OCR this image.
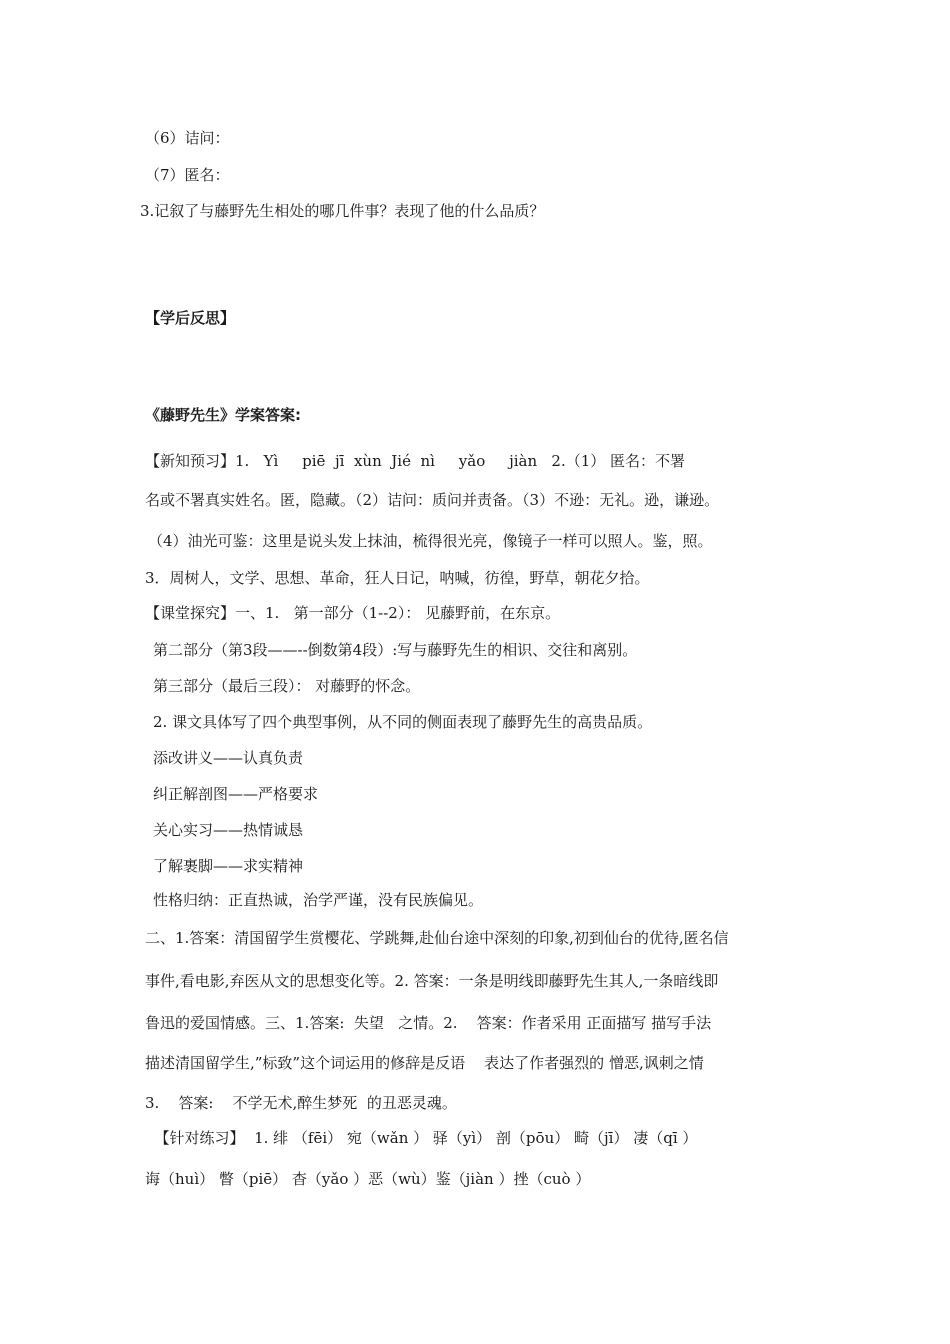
（6）诘问：
（7）匿名：
3.记叙了与藤野先生相处的哪几件事？表现了他的什么品质？
【学后反思】
《藤野先生》学案答案:
【新知预习】1.   Yì     piē  jī  xùn  Jié  nì     yǎo     jiàn   2.（1） 匿名：不署
名或不署真实姓名。匿，隐藏。（2）诘问：质问并责备。（3）不逊：无礼。逊，谦逊。
（4）油光可鉴：这里是说头发上抹油，梳得很光亮，像镜子一样可以照人。鉴，照。
3．周树人，文学、思想、革命，狂人日记，呐喊，彷徨，野草，朝花夕拾。
【课堂探究】一、1.   第一部分（1--2）： 见藤野前，在东京。
第二部分（第3段——--倒数第4段）:写与藤野先生的相识、交往和离别。
第三部分（最后三段）： 对藤野的怀念。
2. 课文具体写了四个典型事例，从不同的侧面表现了藤野先生的高贵品质。
添改讲义——认真负责
纠正解剖图——严格要求
关心实习——热情诚恳
了解裹脚——求实精神
性格归纳：正直热诚，治学严谨，没有民族偏见。
二、1.答案：清国留学生赏樱花、学跳舞,赴仙台途中深刻的印象,初到仙台的优待,匿名信
事件,看电影,弃医从文的思想变化等。2. 答案：一条是明线即藤野先生其人,一条暗线即
鲁迅的爱国情感。三、1.答案:  失望   之情。2.    答案：作者采用 正面描写 描写手法
描述清国留学生,”标致”这个词运用的修辞是反语    表达了作者强烈的 憎恶,讽刺之情
3.    答案:    不学无术,醉生梦死  的丑恶灵魂。
【针对练习】  1. 绯 （fēi） 宛（wǎn ） 驿（yì） 剖（pōu） 畸（jī） 凄（qī ）
诲（huì） 瞥（piē） 杳（yǎo ）恶（wù）鉴（jiàn ）挫（cuò ）
